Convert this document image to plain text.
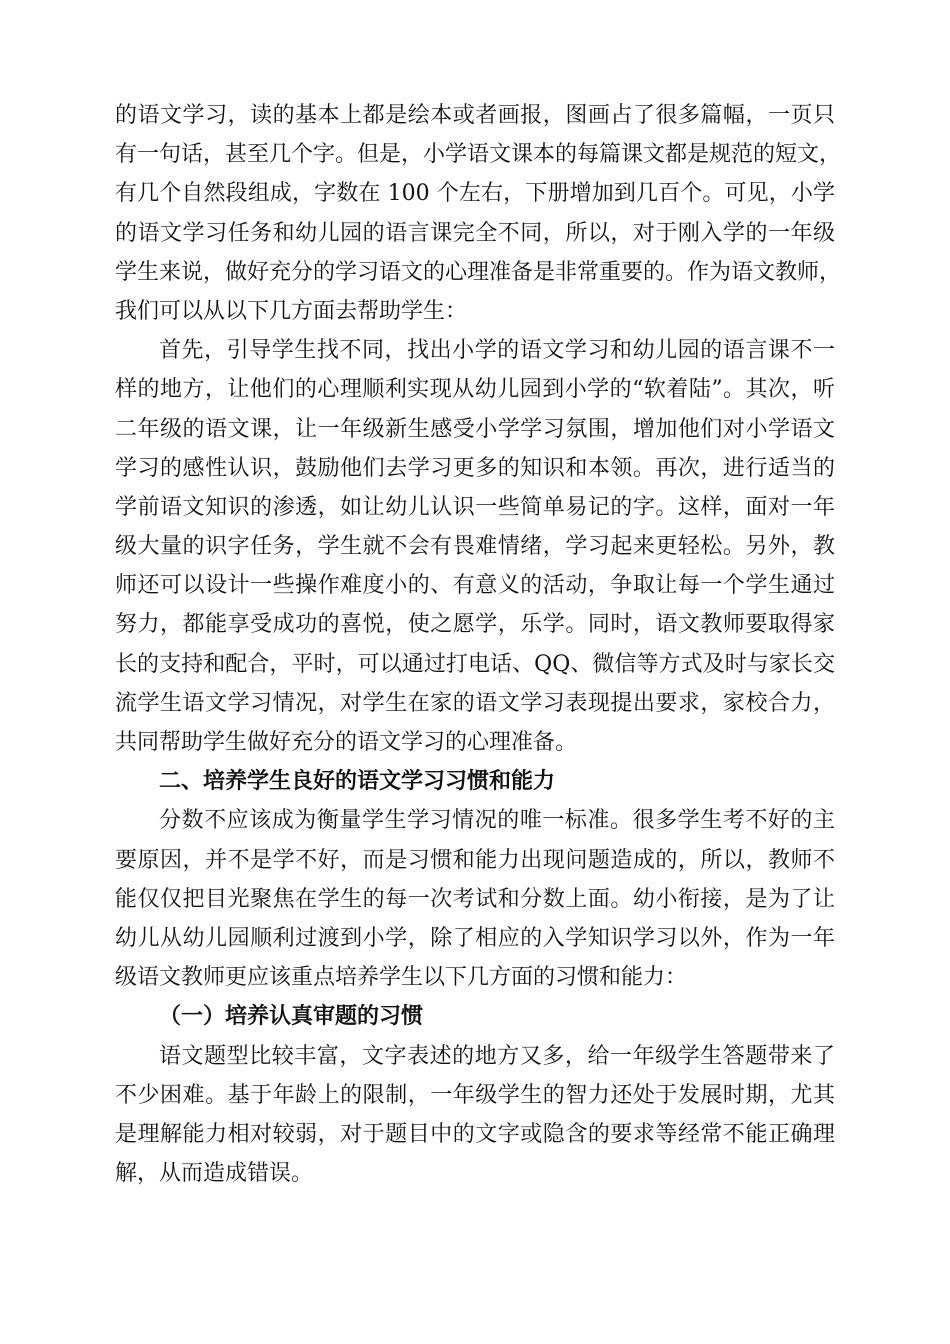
的语文学习，读的基本上都是绘本或者画报，图画占了很多篇幅，一页只
有一句话，甚至几个字。但是，小学语文课本的每篇课文都是规范的短文，
有几个自然段组成，字数在 100 个左右，下册增加到几百个。可见，小学
的语文学习任务和幼儿园的语言课完全不同，所以，对于刚入学的一年级
学生来说，做好充分的学习语文的心理准备是非常重要的。作为语文教师，
我们可以从以下几方面去帮助学生：
首先，引导学生找不同，找出小学的语文学习和幼儿园的语言课不一
样的地方，让他们的心理顺利实现从幼儿园到小学的“软着陆”。其次，听
二年级的语文课，让一年级新生感受小学学习氛围，增加他们对小学语文
学习的感性认识，鼓励他们去学习更多的知识和本领。再次，进行适当的
学前语文知识的渗透，如让幼儿认识一些简单易记的字。这样，面对一年
级大量的识字任务，学生就不会有畏难情绪，学习起来更轻松。另外，教
师还可以设计一些操作难度小的、有意义的活动，争取让每一个学生通过
努力，都能享受成功的喜悦，使之愿学，乐学。同时，语文教师要取得家
长的支持和配合，平时，可以通过打电话、QQ、微信等方式及时与家长交
流学生语文学习情况，对学生在家的语文学习表现提出要求，家校合力，
共同帮助学生做好充分的语文学习的心理准备。
二、培养学生良好的语文学习习惯和能力
分数不应该成为衡量学生学习情况的唯一标准。很多学生考不好的主
要原因，并不是学不好，而是习惯和能力出现问题造成的，所以，教师不
能仅仅把目光聚焦在学生的每一次考试和分数上面。幼小衔接，是为了让
幼儿从幼儿园顺利过渡到小学，除了相应的入学知识学习以外，作为一年
级语文教师更应该重点培养学生以下几方面的习惯和能力：
（一）培养认真审题的习惯
语文题型比较丰富，文字表述的地方又多，给一年级学生答题带来了
不少困难。基于年龄上的限制，一年级学生的智力还处于发展时期，尤其
是理解能力相对较弱，对于题目中的文字或隐含的要求等经常不能正确理
解，从而造成错误。
